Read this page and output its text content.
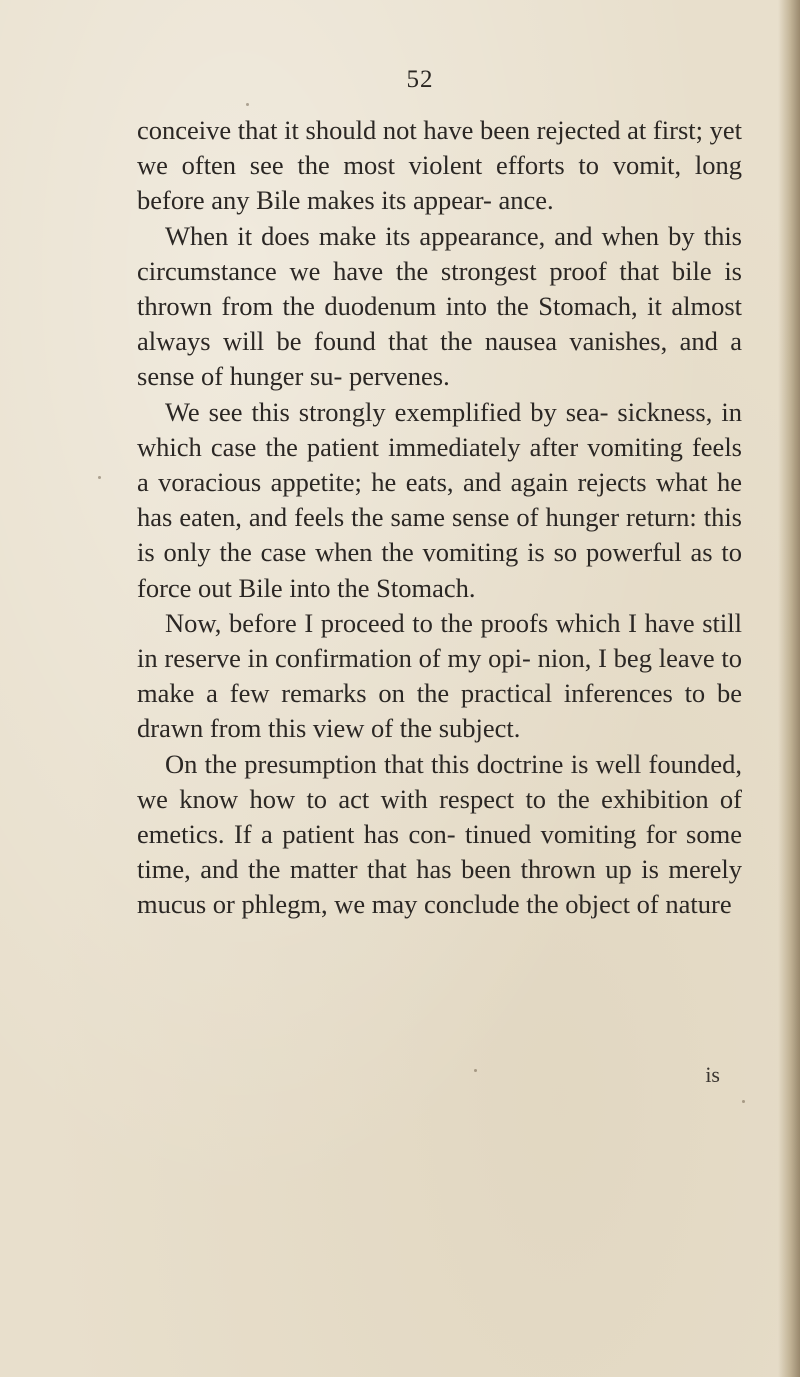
52

conceive that it should not have been rejected at first; yet we often see the most violent efforts to vomit, long before any Bile makes its appear- ance.

When it does make its appearance, and when by this circumstance we have the strongest proof that bile is thrown from the duodenum into the Stomach, it almost always will be found that the nausea vanishes, and a sense of hunger su- pervenes.

We see this strongly exemplified by sea- sickness, in which case the patient immediately after vomiting feels a voracious appetite; he eats, and again rejects what he has eaten, and feels the same sense of hunger return: this is only the case when the vomiting is so powerful as to force out Bile into the Stomach.

Now, before I proceed to the proofs which I have still in reserve in confirmation of my opi- nion, I beg leave to make a few remarks on the practical inferences to be drawn from this view of the subject.

On the presumption that this doctrine is well founded, we know how to act with respect to the exhibition of emetics. If a patient has con- tinued vomiting for some time, and the matter that has been thrown up is merely mucus or phlegm, we may conclude the object of nature

is
